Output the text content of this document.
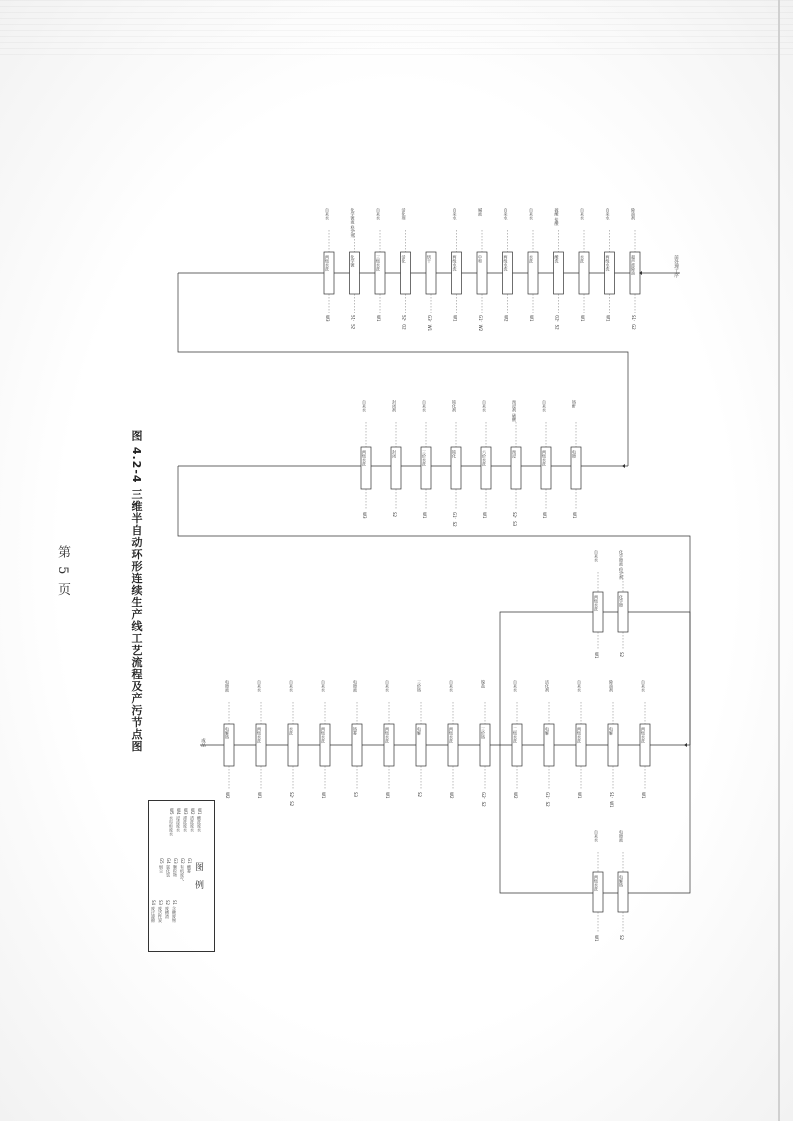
超声波除油
除油剂
S1、G2
两级水洗
自来水
W1
水洗
自来水
W1
酸洗
硫酸 盐酸
G2、S2
水洗
自来水
W1
两级水洗
自来水
W2
中和
碱液
G1、W2
两级水洗
自来水
W1
烘干
G3、W1
活化
活化剂
S2、G2
三级水洗
自来水
W1
化学镀
化学镀液 稳定剂
S1、S2
两级水洗
自来水
W3
前处理工序
电镀
铬酐
W1
两级水洗
自来水
W1
预浸
预浸剂 硫酸
S2、S3
六价水洗
自来水
W1
钝化
钝化剂
G1、S2
三价水洗
自来水
W1
封闭
封闭剂
S2
两级水洗
自来水
W3
两级水洗
自来水
W1
电解
除油剂
S1、W1
两级水洗
自来水
W1
电解
活化剂
G1、S2
二级水洗
自来水
W2
三价铬
镍盐
G2、S2
两级水洗
自来水
W2
电解
三价铬
S2
两级水洗
自来水
W1
铬雾
电镀液
S3
两级水洗
自来水
W1
水洗
自来水
S2、S2
两级水洗
自来水
W1
电解铬
电镀液
W2
成品
化学镀
化学镀液 稳定剂
S2
两级水洗
自来水
W1
电解铬
电镀液
S2
两级水洗
自来水
W1
图 4.2-4 三维半自动环形连续生产线工艺流程及产污节点图
第 5 页
图 例
W1 酸洗废水
W2 清洗废水
W3 漂洗废水
W4 浸漆废水
W5 水帘柜废水
G1 酸雾
G2 有机废气
G3 颗粒物
G4 氯化氢
G5 烟尘
S1 含酸废物
S2 废槽渣
S3 废活性炭
S4 废过滤棉
